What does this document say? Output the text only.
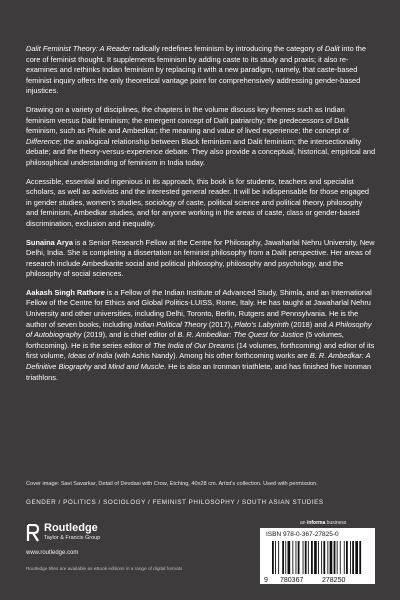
Dalit Feminist Theory: A Reader radically redefines feminism by introducing the category of Dalit into the core of feminist thought. It supplements feminism by adding caste to its study and praxis; it also re-examines and rethinks Indian feminism by replacing it with a new paradigm, namely, that caste-based feminist inquiry offers the only theoretical vantage point for comprehensively addressing gender-based injustices.

Drawing on a variety of disciplines, the chapters in the volume discuss key themes such as Indian feminism versus Dalit feminism; the emergent concept of Dalit patriarchy; the predecessors of Dalit feminism, such as Phule and Ambedkar; the meaning and value of lived experience; the concept of Difference; the analogical relationship between Black feminism and Dalit feminism; the intersectionality debate; and the theory-versus-experience debate. They also provide a conceptual, historical, empirical and philosophical understanding of feminism in India today.

Accessible, essential and ingenious in its approach, this book is for students, teachers and specialist scholars, as well as activists and the interested general reader. It will be indispensable for those engaged in gender studies, women’s studies, sociology of caste, political science and political theory, philosophy and feminism, Ambedkar studies, and for anyone working in the areas of caste, class or gender-based discrimination, exclusion and inequality.

Sunaina Arya is a Senior Research Fellow at the Centre for Philosophy, Jawaharlal Nehru University, New Delhi, India. She is completing a dissertation on feminist philosophy from a Dalit perspective. Her areas of research include Ambedkarite social and political philosophy, philosophy and psychology, and the philosophy of social sciences.

Aakash Singh Rathore is a Fellow of the Indian Institute of Advanced Study, Shimla, and an International Fellow of the Centre for Ethics and Global Politics-LUISS, Rome, Italy. He has taught at Jawaharlal Nehru University and other universities, including Delhi, Toronto, Berlin, Rutgers and Pennsylvania. He is the author of seven books, including Indian Political Theory (2017), Plato’s Labyrinth (2018) and A Philosophy of Autobiography (2019), and is chief editor of B. R. Ambedkar: The Quest for Justice (5 volumes, forthcoming). He is the series editor of The India of Our Dreams (14 volumes, forthcoming) and editor of its first volume, Ideas of India (with Ashis Nandy). Among his other forthcoming works are B. R. Ambedkar: A Definitive Biography and Mind and Muscle. He is also an Ironman triathlete, and has finished five Ironman triathlons.

Cover image: Savi Savarkar, Detail of Devdasi with Crow, Etching, 40x28 cm. Artist’s collection. Used with permission.
GENDER / POLITICS / SOCIOLOGY / FEMINIST PHILOSOPHY / SOUTH ASIAN STUDIES
Routledge
Taylor & Francis Group
www.routledge.com
Routledge titles are available as eBook editions in a range of digital formats
an informa business
ISBN 978-0-367-27825-0
9 780367	278250
